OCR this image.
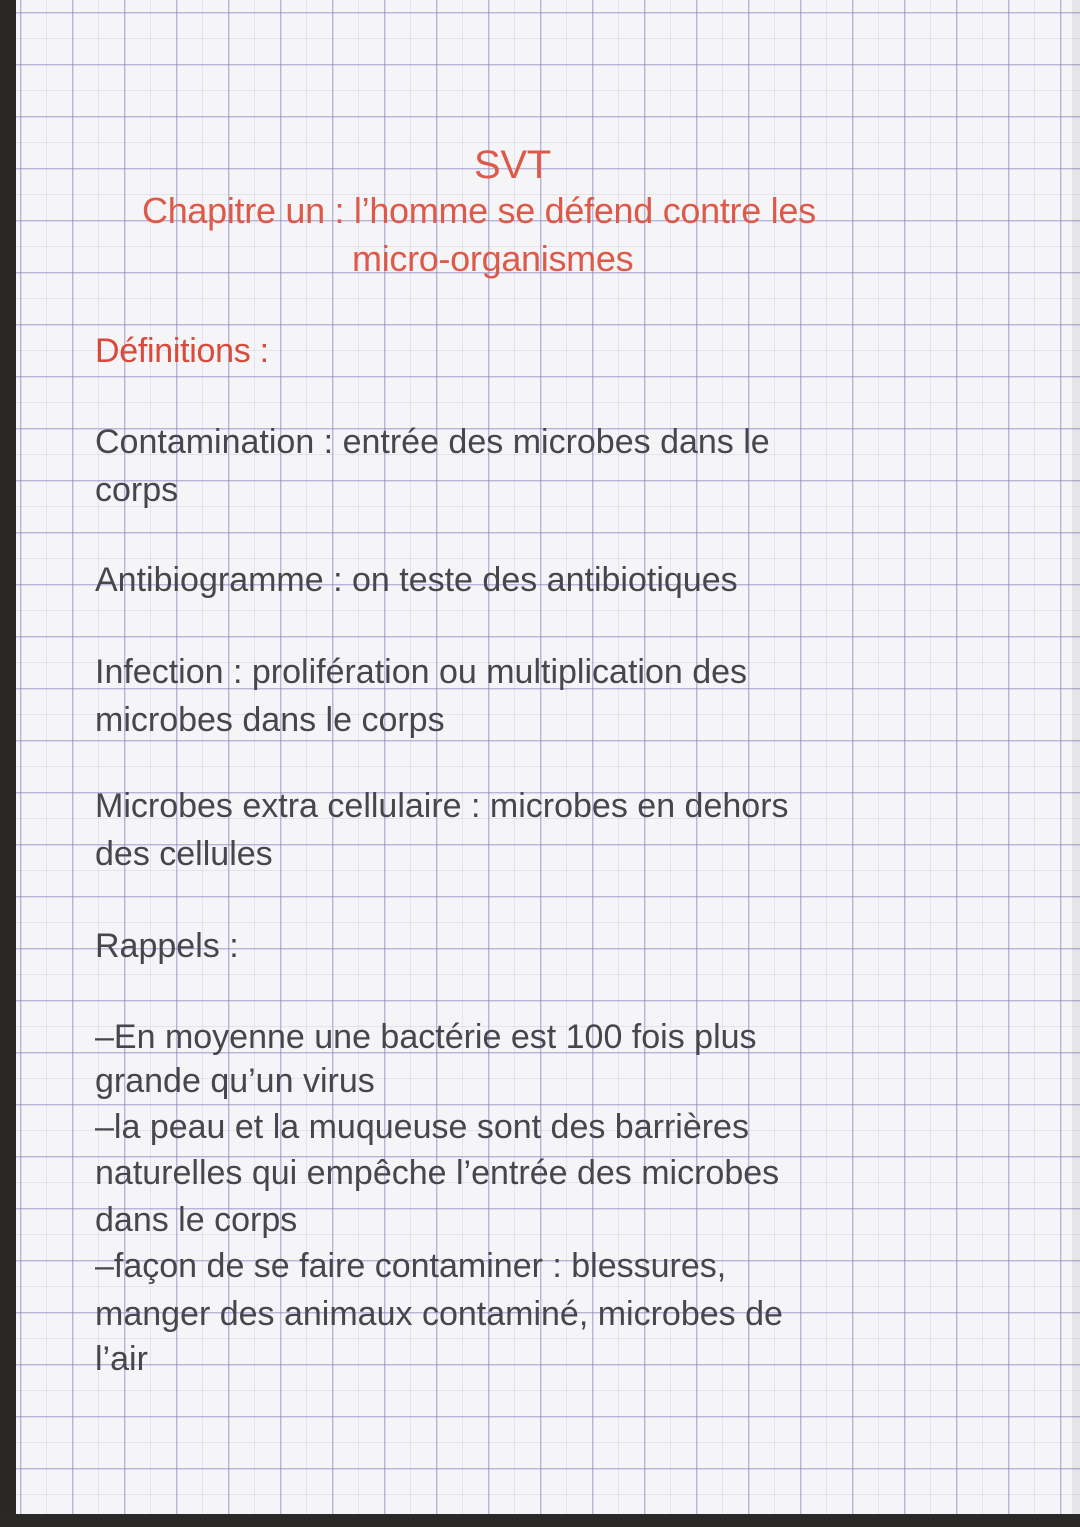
SVT
Chapitre un : l’homme se défend contre les
micro-organismes
Définitions :
Contamination : entrée des microbes dans le
corps
Antibiogramme : on teste des antibiotiques
Infection : prolifération ou multiplication des
microbes dans le corps
Microbes extra cellulaire : microbes en dehors
des cellules
Rappels :
–En moyenne une bactérie est 100 fois plus
grande qu’un virus
–la peau et la muqueuse sont des barrières
naturelles qui empêche l’entrée des microbes
dans le corps
–façon de se faire contaminer : blessures,
manger des animaux contaminé, microbes de
l’air
